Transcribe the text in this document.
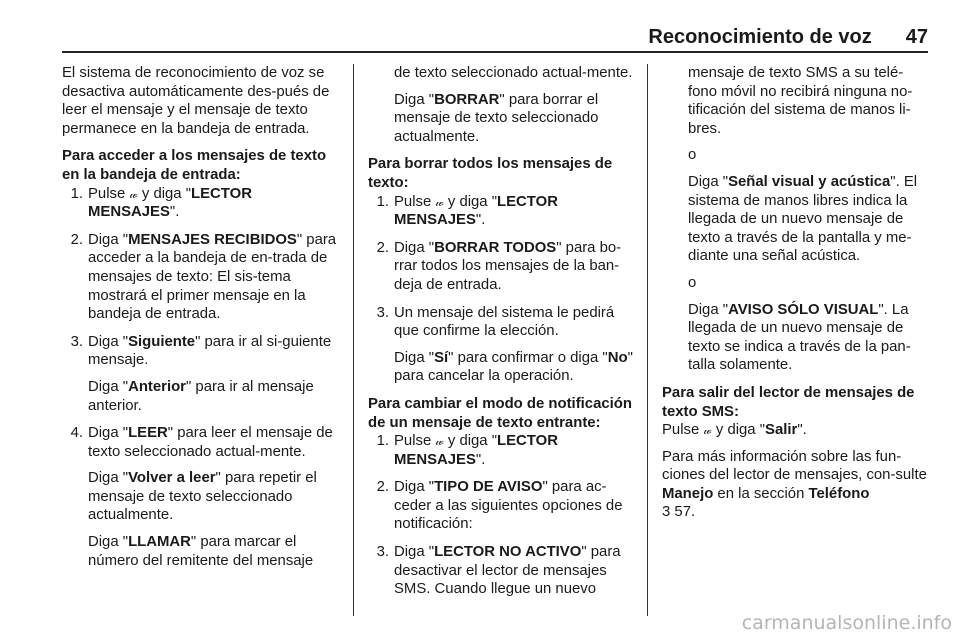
Reconocimiento de voz 47

El sistema de reconocimiento de voz se desactiva automáticamente des-pués de leer el mensaje y el mensaje de texto permanece en la bandeja de entrada.

Para acceder a los mensajes de texto en la bandeja de entrada:

1. Pulse 𝓌 y diga "LECTOR MENSAJES".

2. Diga "MENSAJES RECIBIDOS" para acceder a la bandeja de en-trada de mensajes de texto: El sis-tema mostrará el primer mensaje en la bandeja de entrada.

3. Diga "Siguiente" para ir al si-guiente mensaje.

Diga "Anterior" para ir al mensaje anterior.

4. Diga "LEER" para leer el mensaje de texto seleccionado actual-mente.

Diga "Volver a leer" para repetir el mensaje de texto seleccionado actualmente.

Diga "LLAMAR" para marcar el número del remitente del mensaje

de texto seleccionado actual-mente.

Diga "BORRAR" para borrar el mensaje de texto seleccionado actualmente.

Para borrar todos los mensajes de texto:

1. Pulse 𝓌 y diga "LECTOR MENSAJES".

2. Diga "BORRAR TODOS" para bo-rrar todos los mensajes de la ban-deja de entrada.

3. Un mensaje del sistema le pedirá que confirme la elección.

Diga "Sí" para confirmar o diga "No" para cancelar la operación.

Para cambiar el modo de notificación de un mensaje de texto entrante:

1. Pulse 𝓌 y diga "LECTOR MENSAJES".

2. Diga "TIPO DE AVISO" para ac-ceder a las siguientes opciones de notificación:

3. Diga "LECTOR NO ACTIVO" para desactivar el lector de mensajes SMS. Cuando llegue un nuevo

mensaje de texto SMS a su telé-fono móvil no recibirá ninguna no-tificación del sistema de manos li-bres.

o

Diga "Señal visual y acústica". El sistema de manos libres indica la llegada de un nuevo mensaje de texto a través de la pantalla y me-diante una señal acústica.

o

Diga "AVISO SÓLO VISUAL". La llegada de un nuevo mensaje de texto se indica a través de la pan-talla solamente.

Para salir del lector de mensajes de texto SMS:

Pulse 𝓌 y diga "Salir".

Para más información sobre las fun-ciones del lector de mensajes, con-sulte Manejo en la sección Teléfono
3 57.

carmanualsonline.info
